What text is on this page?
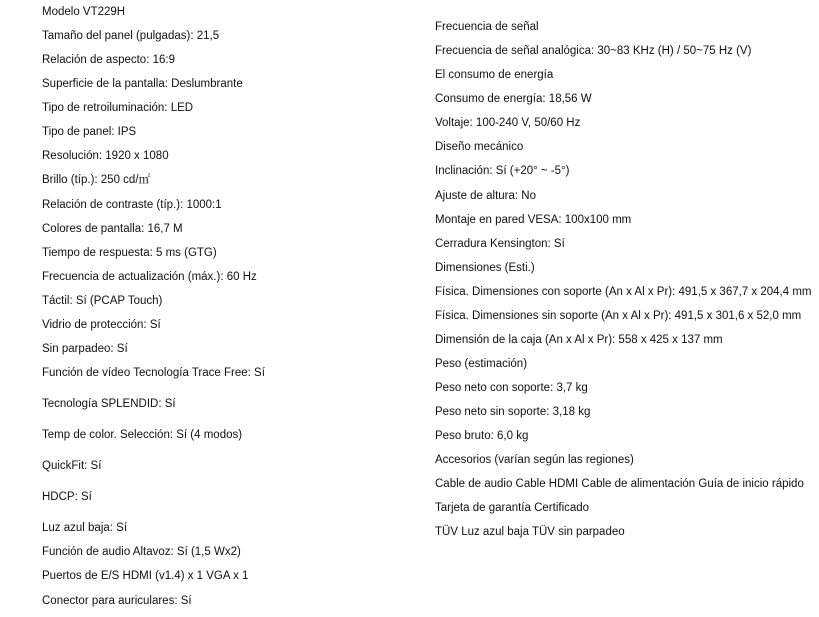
Modelo VT229H
Tamaño del panel (pulgadas): 21,5
Relación de aspecto: 16:9
Superficie de la pantalla: Deslumbrante
Tipo de retroiluminación: LED
Tipo de panel: IPS
Resolución: 1920 x 1080
Brillo (típ.): 250 cd/㎡
Relación de contraste (típ.): 1000:1
Colores de pantalla: 16,7 M
Tiempo de respuesta: 5 ms (GTG)
Frecuencia de actualización (máx.): 60 Hz
Táctil: Sí (PCAP Touch)
Vidrio de protección: Sí
Sin parpadeo: Sí
Función de vídeo Tecnología Trace Free: Sí
Tecnología SPLENDID: Sí
Temp de color. Selección: Sí (4 modos)
QuickFit: Sí
HDCP: Sí
Luz azul baja: Sí
Función de audio Altavoz: Sí (1,5 Wx2)
Puertos de E/S HDMI (v1.4) x 1 VGA x 1
Conector para auriculares: Sí
Frecuencia de señal
Frecuencia de señal analógica: 30~83 KHz (H) / 50~75 Hz (V)
El consumo de energía
Consumo de energía: 18,56 W
Voltaje: 100-240 V, 50/60 Hz
Diseño mecánico
Inclinación: Sí (+20° ~ -5°)
Ajuste de altura: No
Montaje en pared VESA: 100x100 mm
Cerradura Kensington: Sí
Dimensiones (Esti.)
Física. Dimensiones con soporte (An x Al x Pr): 491,5 x 367,7 x 204,4 mm
Física. Dimensiones sin soporte (An x Al x Pr): 491,5 x 301,6 x 52,0 mm
Dimensión de la caja (An x Al x Pr): 558 x 425 x 137 mm
Peso (estimación)
Peso neto con soporte: 3,7 kg
Peso neto sin soporte: 3,18 kg
Peso bruto: 6,0 kg
Accesorios (varían según las regiones)
Cable de audio Cable HDMI Cable de alimentación Guía de inicio rápido
Tarjeta de garantía Certificado
TÜV Luz azul baja TÜV sin parpadeo
